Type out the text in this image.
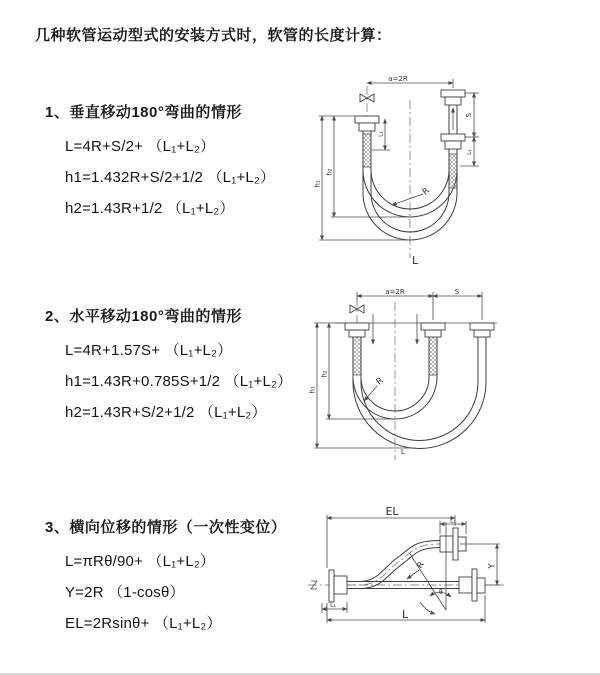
几种软管运动型式的安装方式时，软管的长度计算：
1、垂直移动180°弯曲的情形
L=4R+S/2+ （L₁+L₂）
h1=1.432R+S/2+1/2 （L₁+L₂）
h2=1.43R+1/2 （L₁+L₂）
2、水平移动180°弯曲的情形
L=4R+1.57S+ （L₁+L₂）
h1=1.43R+0.785S+1/2 （L₁+L₂）
h2=1.43R+S/2+1/2 （L₁+L₂）
3、横向位移的情形（一次性变位）
L=πRθ/90+ （L₁+L₂）
Y=2R （1-cosθ）
EL=2Rsinθ+ （L₁+L₂）
a=2R
S
L₁
L₁
h₂
h₁
R
L
a=2R	S
h₂
h₁
R
L
EL
L₁
Y
θ
R
L
L₁
